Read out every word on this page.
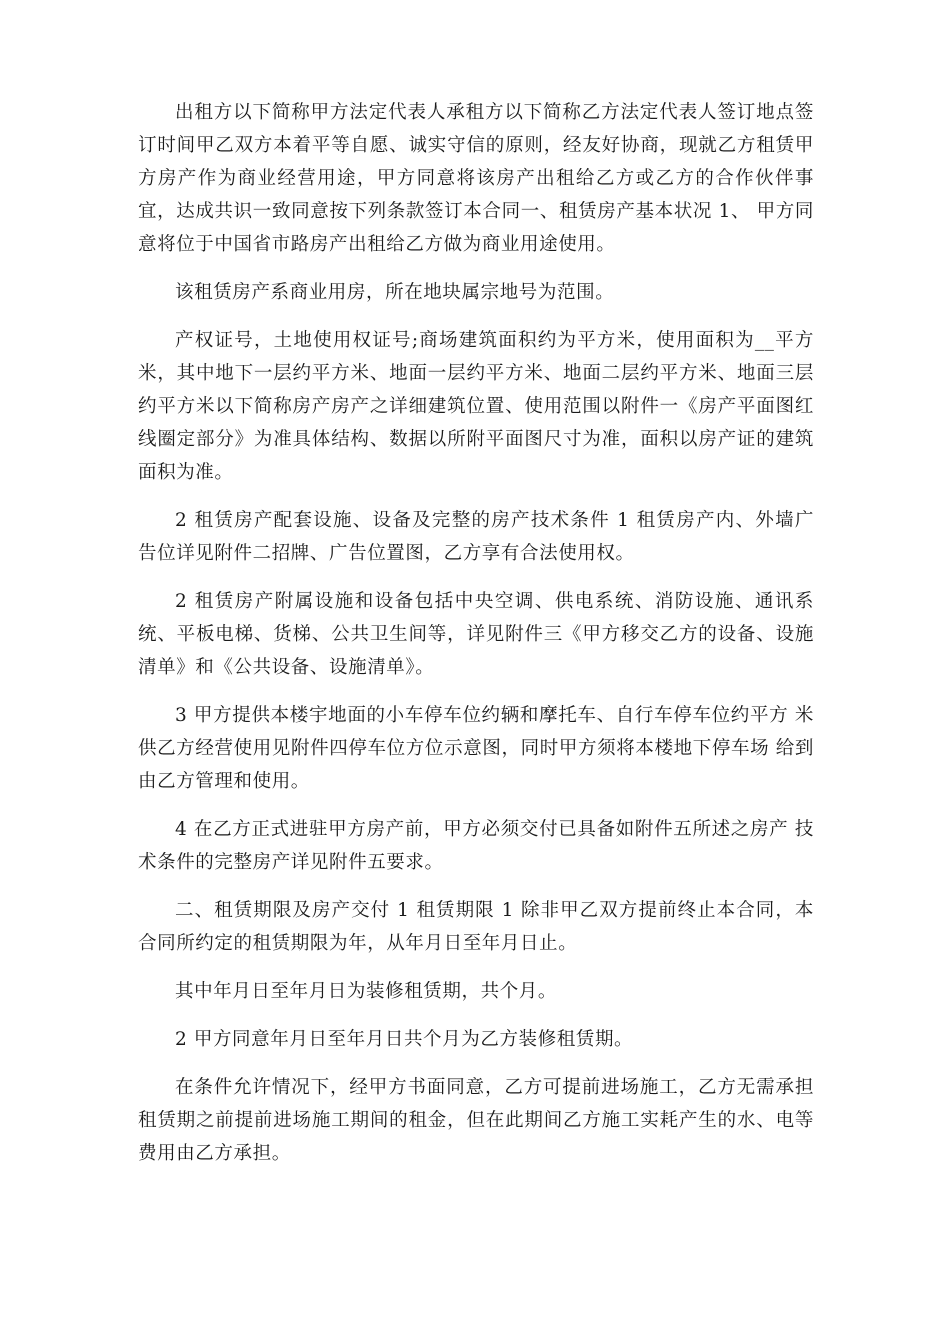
出租方以下简称甲方法定代表人承租方以下简称乙方法定代表人签订地点签订时间甲乙双方本着平等自愿、诚实守信的原则，经友好协商，现就乙方租赁甲方房产作为商业经营用途，甲方同意将该房产出租给乙方或乙方的合作伙伴事宜，达成共识一致同意按下列条款签订本合同一、租赁房产基本状况 1、 甲方同意将位于中国省市路房产出租给乙方做为商业用途使用。

该租赁房产系商业用房，所在地块属宗地号为范围。

产权证号，土地使用权证号;商场建筑面积约为平方米，使用面积为__平方米，其中地下一层约平方米、地面一层约平方米、地面二层约平方米、地面三层约平方米以下简称房产房产之详细建筑位置、使用范围以附件一《房产平面图红线圈定部分》为准具体结构、数据以所附平面图尺寸为准，面积以房产证的建筑面积为准。

2 租赁房产配套设施、设备及完整的房产技术条件 1 租赁房产内、外墙广 告位详见附件二招牌、广告位置图，乙方享有合法使用权。

2 租赁房产附属设施和设备包括中央空调、供电系统、消防设施、通讯系统、平板电梯、货梯、公共卫生间等，详见附件三《甲方移交乙方的设备、设施清单》和《公共设备、设施清单》。

3 甲方提供本楼宇地面的小车停车位约辆和摩托车、自行车停车位约平方 米供乙方经营使用见附件四停车位方位示意图，同时甲方须将本楼地下停车场 给到由乙方管理和使用。

4 在乙方正式进驻甲方房产前，甲方必须交付已具备如附件五所述之房产 技术条件的完整房产详见附件五要求。

二、租赁期限及房产交付 1 租赁期限 1 除非甲乙双方提前终止本合同，本合同所约定的租赁期限为年，从年月日至年月日止。

其中年月日至年月日为装修租赁期，共个月。

2 甲方同意年月日至年月日共个月为乙方装修租赁期。

在条件允许情况下，经甲方书面同意，乙方可提前进场施工，乙方无需承担租赁期之前提前进场施工期间的租金，但在此期间乙方施工实耗产生的水、电等费用由乙方承担。
